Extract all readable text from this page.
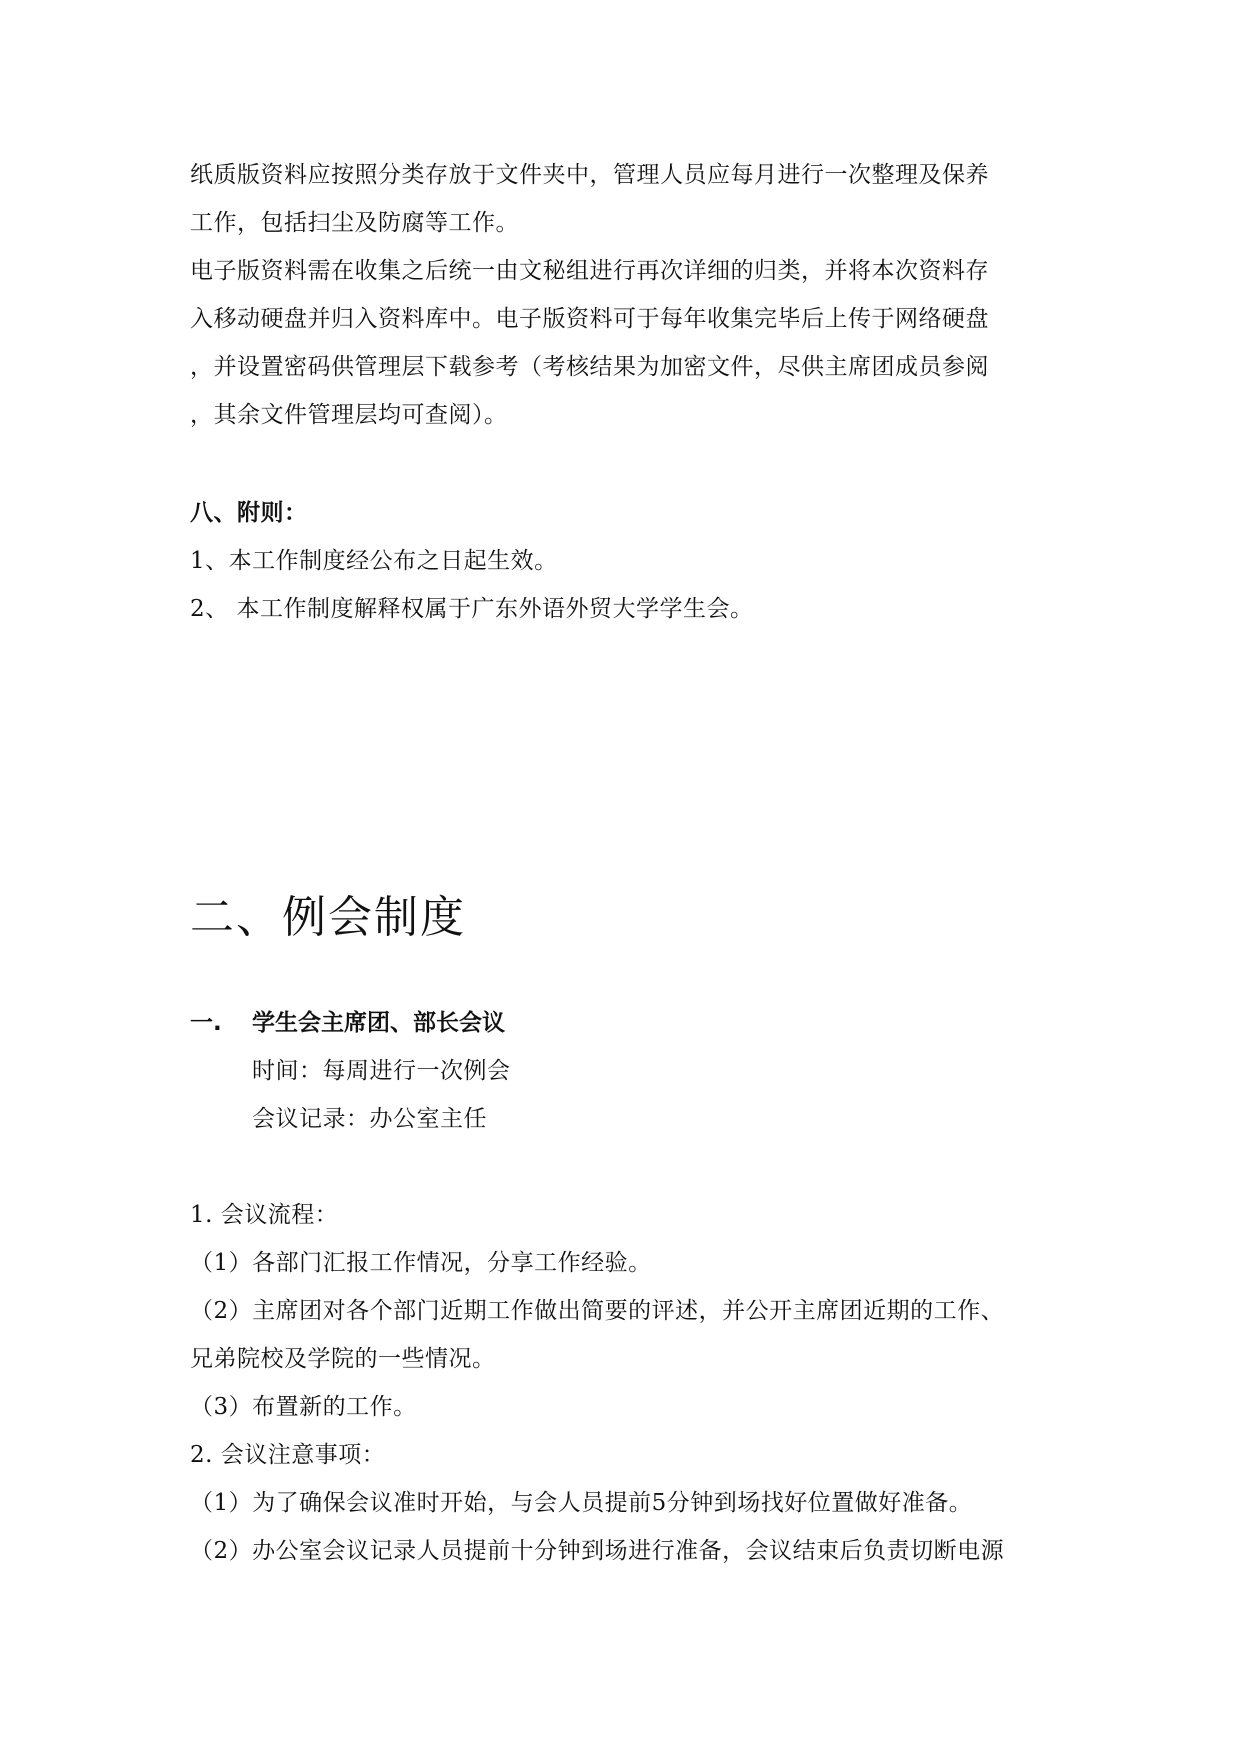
纸质版资料应按照分类存放于文件夹中，管理人员应每月进行一次整理及保养
工作，包括扫尘及防腐等工作。
电子版资料需在收集之后统一由文秘组进行再次详细的归类，并将本次资料存
入移动硬盘并归入资料库中。电子版资料可于每年收集完毕后上传于网络硬盘
，并设置密码供管理层下载参考（考核结果为加密文件，尽供主席团成员参阅
，其余文件管理层均可查阅）。
八、附则：
1、本工作制度经公布之日起生效。
2、 本工作制度解释权属于广东外语外贸大学学生会。
二、例会制度
一. 学生会主席团、部长会议
时间：每周进行一次例会
会议记录：办公室主任
1. 会议流程：
（1）各部门汇报工作情况，分享工作经验。
（2）主席团对各个部门近期工作做出简要的评述，并公开主席团近期的工作、
兄弟院校及学院的一些情况。
（3）布置新的工作。
2. 会议注意事项：
（1）为了确保会议准时开始，与会人员提前5分钟到场找好位置做好准备。
（2）办公室会议记录人员提前十分钟到场进行准备，会议结束后负责切断电源
